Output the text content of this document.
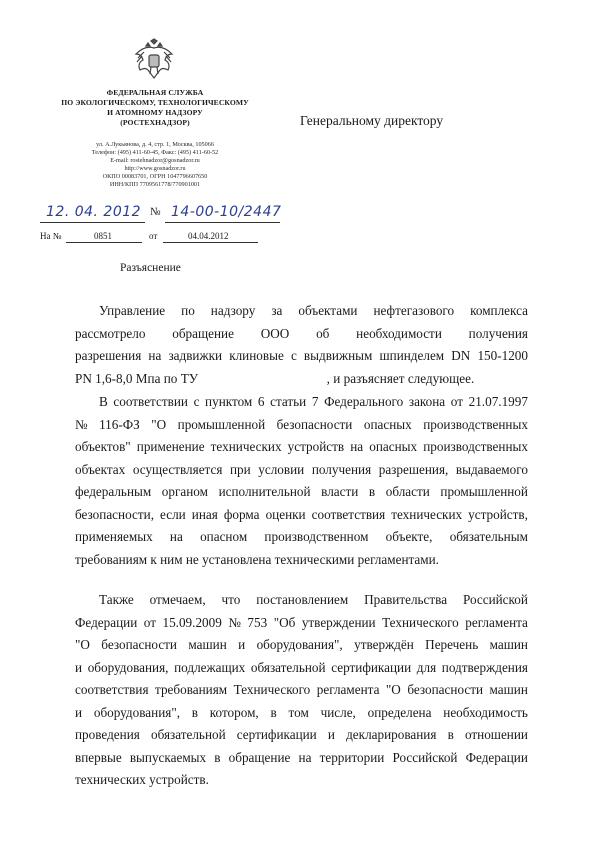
ФЕДЕРАЛЬНАЯ СЛУЖБА
ПО ЭКОЛОГИЧЕСКОМУ, ТЕХНОЛОГИЧЕСКОМУ
И АТОМНОМУ НАДЗОРУ
(РОСТЕХНАДЗОР)
ул. А.Лукьянова, д. 4, стр. 1, Москва, 105066
Телефон: (495) 411-60-45, Факс: (495) 411-60-52
E-mail: rostehnadzor@gosnadzor.ru
http://www.gosnadzor.ru
ОКПО 00083701, ОГРН 1047796607650
ИНН/КПП 7709561778/770901001
Генеральному директору
12. 04. 2012 № 14-00-10/2447
На №	0851	от	04.04.2012
Разъяснение
Управление по надзору за объектами нефтегазового комплекса
рассмотрело обращение ООО об необходимости получения
разрешения на задвижки клиновые с выдвижным шпинделем DN 150-1200
PN 1,6-8,0 Мпа по ТУ                                       , и разъясняет следующее.
В соответствии с пунктом 6 статьи 7 Федерального закона от 21.07.1997
№ 116-ФЗ "О промышленной безопасности опасных производственных
объектов" применение технических устройств на опасных производственных
объектах осуществляется при условии получения разрешения, выдаваемого
федеральным органом исполнительной власти в области промышленной
безопасности, если иная форма оценки соответствия технических устройств,
применяемых на опасном производственном объекте, обязательным
требованиям к ним не установлена техническими регламентами.
Также отмечаем, что постановлением Правительства Российской
Федерации от 15.09.2009 № 753 "Об утверждении Технического регламента
"О безопасности машин и оборудования", утверждён Перечень машин
и оборудования, подлежащих обязательной сертификации для подтверждения
соответствия требованиям Технического регламента "О безопасности машин
и оборудования", в котором, в том числе, определена необходимость
проведения обязательной сертификации и декларирования в отношении
впервые выпускаемых в обращение на территории Российской Федерации
технических устройств.
